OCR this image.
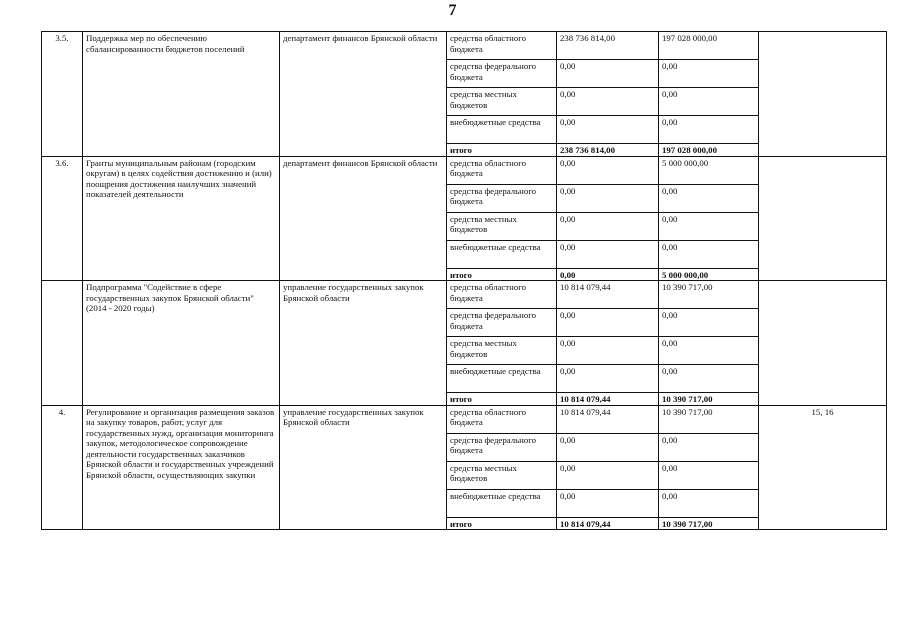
7
3.5.	Поддержка мер по обеспечению сбалансированности бюджетов поселений	департамент финансов Брянской области	средства областного бюджета	238 736 814,00	197 028 000,00	
			средства федерального бюджета	0,00	0,00	
			средства местных бюджетов	0,00	0,00	
			внебюджетные средства	0,00	0,00	
			итого	238 736 814,00	197 028 000,00	
3.6.	Гранты муниципальным районам (городским округам) в целях содействия достижению и (или) поощрения достижения наилучших значений показателей деятельности	департамент финансов Брянской области	средства областного бюджета	0,00	5 000 000,00	
			средства федерального бюджета	0,00	0,00	
			средства местных бюджетов	0,00	0,00	
			внебюджетные средства	0,00	0,00	
			итого	0,00	5 000 000,00	
	Подпрограмма "Содействие в сфере государственных закупок Брянской области" (2014 - 2020 годы)	управление государственных закупок Брянской области	средства областного бюджета	10 814 079,44	10 390 717,00	
			средства федерального бюджета	0,00	0,00	
			средства местных бюджетов	0,00	0,00	
			внебюджетные средства	0,00	0,00	
			итого	10 814 079,44	10 390 717,00	
4.	Регулирование и организация размещения заказов на закупку товаров, работ, услуг для государственных нужд, организация мониторинга закупок, методологическое сопровождение деятельности государственных заказчиков Брянской области и государственных учреждений Брянской области, осуществляющих закупки	управление государственных закупок Брянской области	средства областного бюджета	10 814 079,44	10 390 717,00	15, 16
			средства федерального бюджета	0,00	0,00	
			средства местных бюджетов	0,00	0,00	
			внебюджетные средства	0,00	0,00	
			итого	10 814 079,44	10 390 717,00	
